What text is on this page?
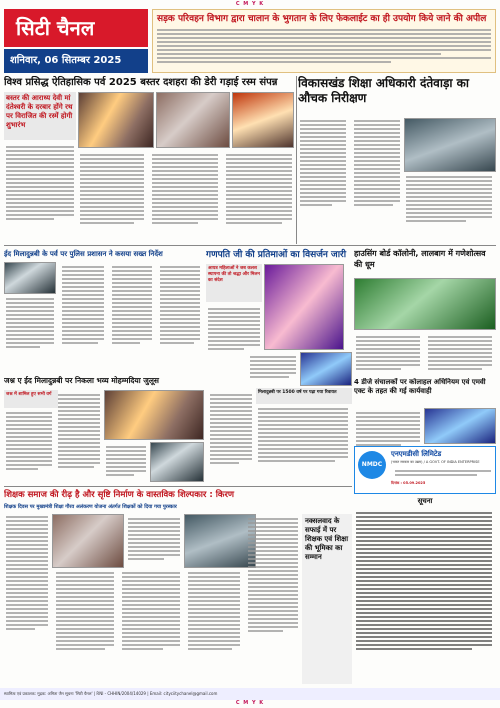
C M Y K
सिटी चैनल
शनिवार, 06 सितम्बर 2025
सड़क परिवहन विभाग द्वारा चालान के भुगतान के लिए फेकलाईट का ही उपयोग किये जाने की अपील
विश्व प्रसिद्ध ऐतिहासिक पर्व 2025 बस्तर दशहरा की डेरी गड़ाई रस्म संपन्न
बस्तर की आराध्य देवी मां दंतेश्वरी के दरबार होंगे रथ पर विराजित की रस्में होगी शुभारंभ
विकासखंड शिक्षा अधिकारी दंतेवाड़ा का औचक निरीक्षण
ईद मिलादुन्नबी के पर्व पर पुलिस प्रशासन ने कसया सख्त निर्देश	गणपति जी की प्रतिमाओं का विसर्जन जारी
आयत्र महिलाओं ने जब कलश स्थापना की तो श्रद्धा और मिलन का संदेश
हाउसिंग बोर्ड कॉलोनी, लालबाग में गणेशोत्सव की धूम
जश्न ए ईद मिलादुन्नबी पर निकला भव्य मोहम्मदिया जुलूस
जश्न में शामिल हुए सभी वर्ग	मिलादुन्नबी पर 1500 वर्ष पर पढ़ा गया रिवायत
4 डीजे संचालकों पर कोलाहल अधिनियम एवं एमवी एक्ट के तहत की गई कार्यवाही
NMDC
एनएमडीसी लिमिटेड
(भारत सरकार का उद्यम) / A GOVT. OF INDIA ENTERPRISE
दिनांक : 05.09.2025
शिक्षक समाज की रीढ़ है और सृष्टि निर्माण के वास्तविक शिल्पकार : किरण
शिक्षक दिवस पर मुख्यमंत्री शिक्षा गौरव अलंकरण योजना अंतर्गत शिक्षकों को दिया गया पुरस्कार
नक्सलवाद के सफाई में पर शिक्षक एवं शिक्षा की भूमिका का सम्मान
सूचना
स्वामित्व एवं प्रकाशक: मुद्रक: अमिता जैन सूचना 'सिटी चैनल' | RNI - CHHIN/2004/14029 | Email: cityciitychanel@gmail.com
C M Y K
